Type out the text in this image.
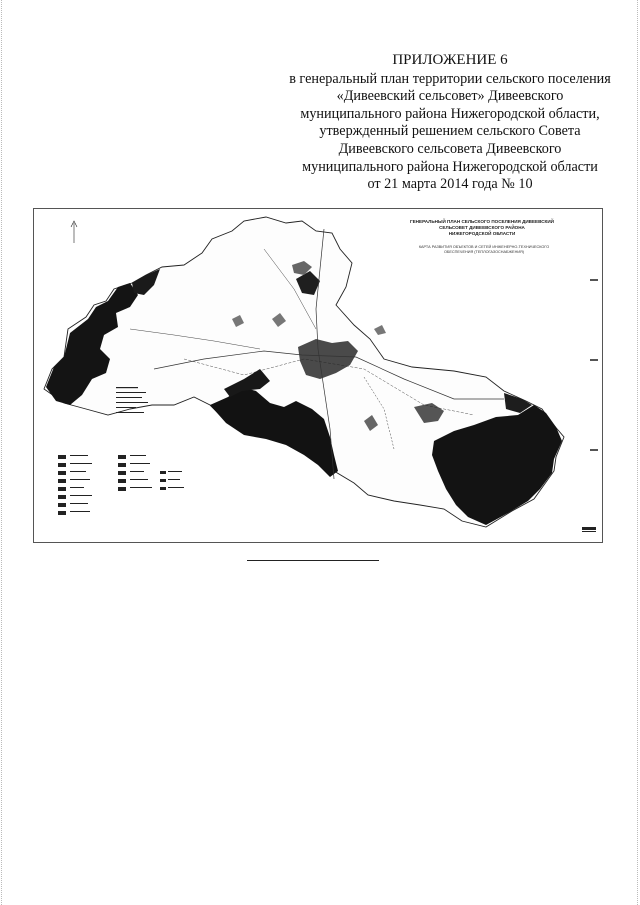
ПРИЛОЖЕНИЕ 6
в генеральный план территории сельского поселения
«Дивеевский сельсовет» Дивеевского
муниципального района Нижегородской области,
утвержденный решением сельского Совета
Дивеевского сельсовета Дивеевского
муниципального района Нижегородской области
от 21 марта 2014 года № 10
ГЕНЕРАЛЬНЫЙ ПЛАН СЕЛЬСКОГО ПОСЕЛЕНИЯ ДИВЕЕВСКИЙ
СЕЛЬСОВЕТ ДИВЕЕВСКОГО РАЙОНА
НИЖЕГОРОДСКОЙ ОБЛАСТИ
КАРТА РАЗВИТИЯ ОБЪЕКТОВ И СЕТЕЙ ИНЖЕНЕРНО-ТЕХНИЧЕСКОГО
ОБЕСПЕЧЕНИЯ (ТЕПЛОГАЗОСНАБЖЕНИЯ)
